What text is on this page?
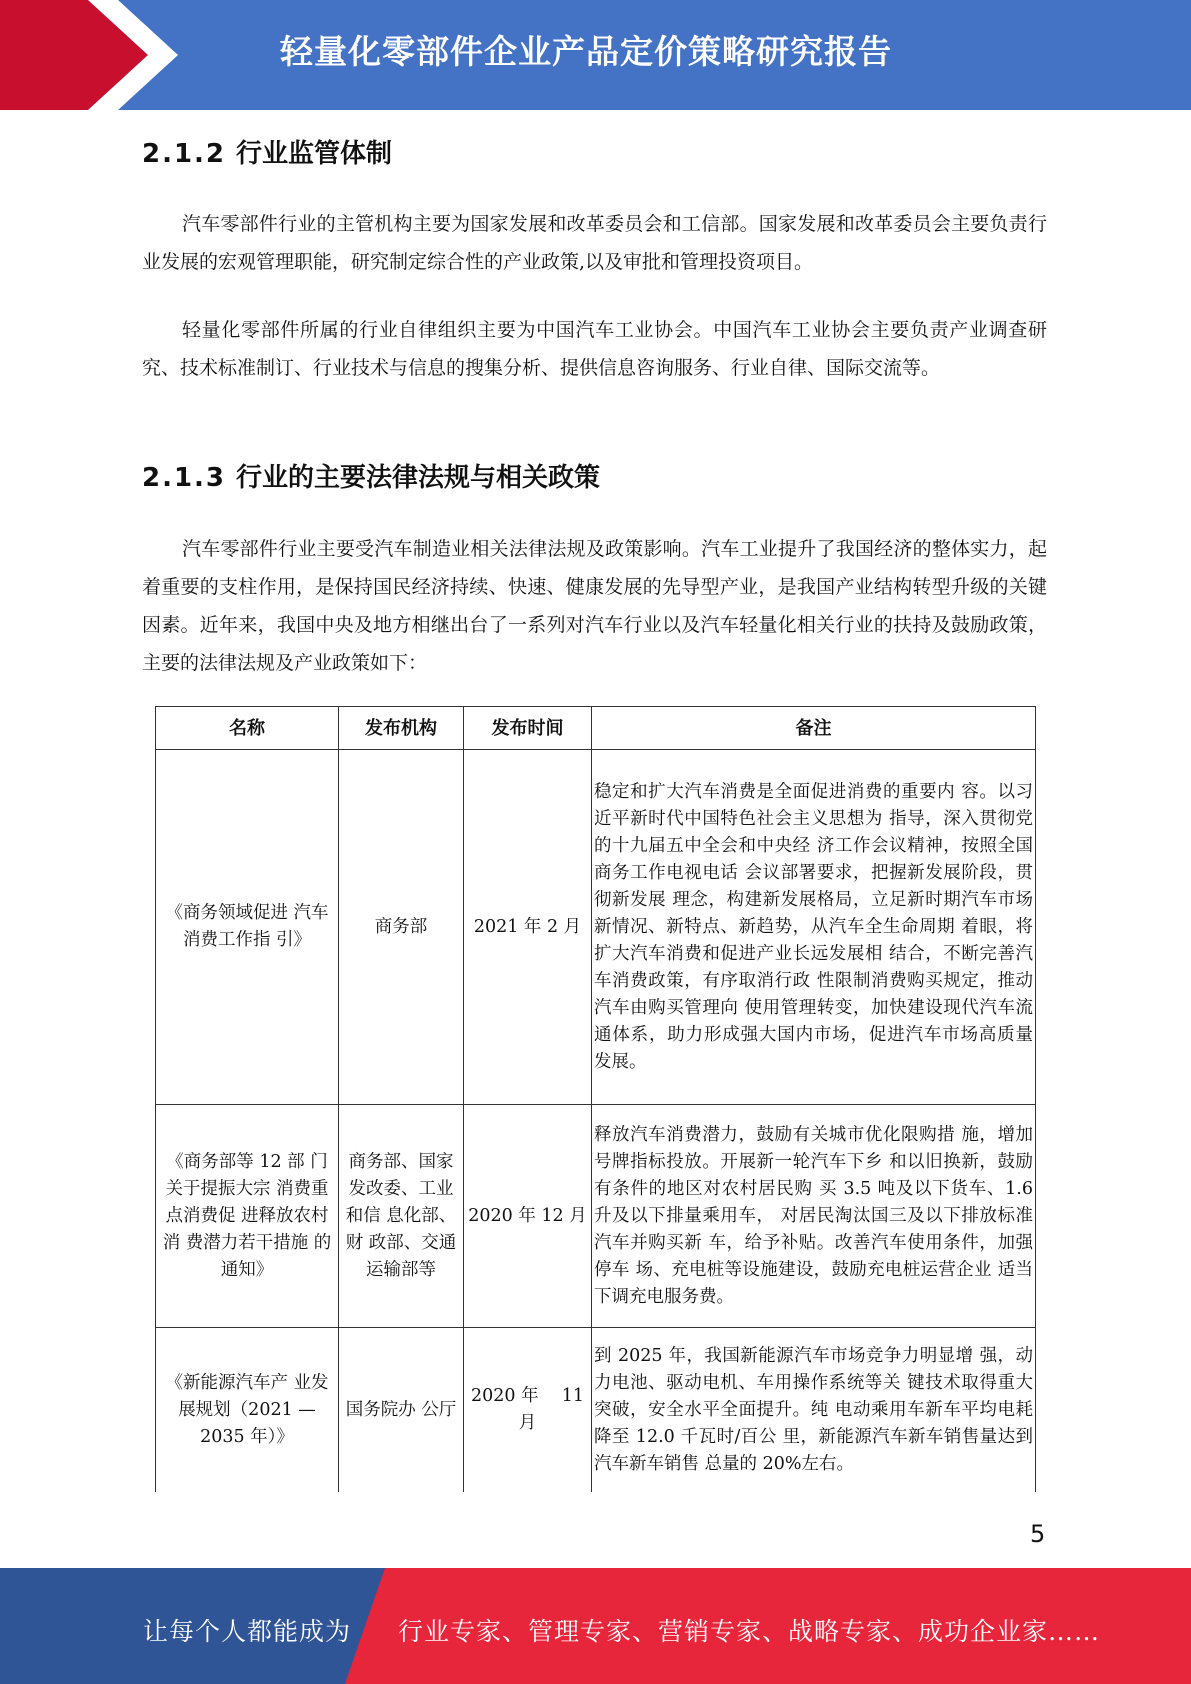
轻量化零部件企业产品定价策略研究报告
2.1.2 行业监管体制

汽车零部件行业的主管机构主要为国家发展和改革委员会和工信部。国家发展和改革委员会主要负责行业发展的宏观管理职能，研究制定综合性的产业政策,以及审批和管理投资项目。

轻量化零部件所属的行业自律组织主要为中国汽车工业协会。中国汽车工业协会主要负责产业调查研究、技术标准制订、行业技术与信息的搜集分析、提供信息咨询服务、行业自律、国际交流等。

2.1.3 行业的主要法律法规与相关政策

汽车零部件行业主要受汽车制造业相关法律法规及政策影响。汽车工业提升了我国经济的整体实力，起着重要的支柱作用，是保持国民经济持续、快速、健康发展的先导型产业，是我国产业结构转型升级的关键因素。近年来，我国中央及地方相继出台了一系列对汽车行业以及汽车轻量化相关行业的扶持及鼓励政策，主要的法律法规及产业政策如下：

名称	发布机构	发布时间	备注
《商务领域促进 汽车消费工作指 引》	商务部	2021 年 2 月	稳定和扩大汽车消费是全面促进消费的重要内 容。以习近平新时代中国特色社会主义思想为 指导，深入贯彻党的十九届五中全会和中央经 济工作会议精神，按照全国商务工作电视电话 会议部署要求，把握新发展阶段，贯彻新发展 理念，构建新发展格局，立足新时期汽车市场 新情况、新特点、新趋势，从汽车全生命周期 着眼，将扩大汽车消费和促进产业长远发展相 结合，不断完善汽车消费政策，有序取消行政 性限制消费购买规定，推动汽车由购买管理向 使用管理转变，加快建设现代汽车流通体系，助力形成强大国内市场，促进汽车市场高质量 发展。
《商务部等 12 部 门关于提振大宗 消费重点消费促 进释放农村消 费潜力若干措施 的通知》	商务部、国家发改委、工业和信 息化部、财 政部、交通运输部等	2020 年 12 月	释放汽车消费潜力，鼓励有关城市优化限购措 施，增加号牌指标投放。开展新一轮汽车下乡 和以旧换新，鼓励有条件的地区对农村居民购 买 3.5 吨及以下货车、1.6 升及以下排量乘用车， 对居民淘汰国三及以下排放标准汽车并购买新 车，给予补贴。改善汽车使用条件，加强停车 场、充电桩等设施建设，鼓励充电桩运营企业 适当下调充电服务费。
《新能源汽车产 业发展规划（2021 — 2035 年）》	国务院办 公厅	2020 年　 11 月	到 2025 年，我国新能源汽车市场竞争力明显增 强，动力电池、驱动电机、车用操作系统等关 键技术取得重大突破，安全水平全面提升。纯 电动乘用车新车平均电耗降至 12.0 千瓦时/百公 里，新能源汽车新车销售量达到汽车新车销售 总量的 20%左右。
5
让每个人都能成为 行业专家、管理专家、营销专家、战略专家、成功企业家……
